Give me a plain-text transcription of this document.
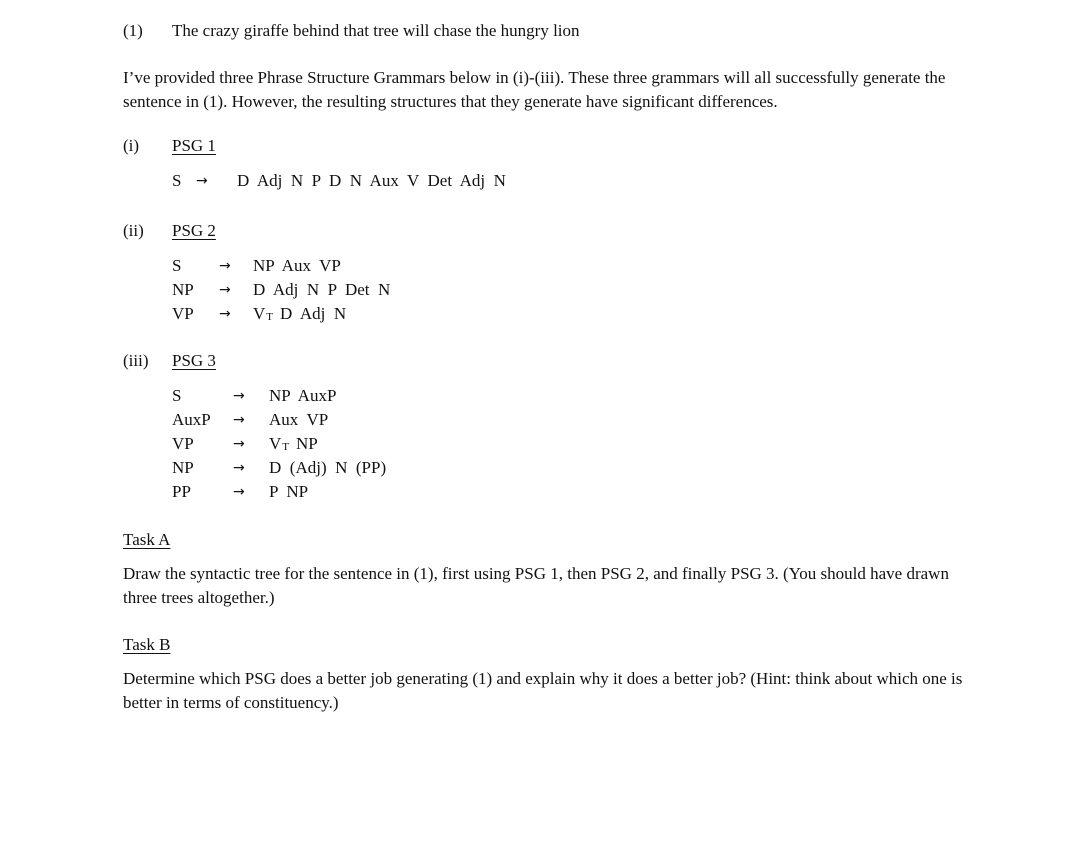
(1) The crazy giraffe behind that tree will chase the hungry lion
I’ve provided three Phrase Structure Grammars below in (i)-(iii). These three grammars will all successfully generate the sentence in (1). However, the resulting structures that they generate have significant differences.
(i) PSG 1
S → D  Adj  N  P  D  N  Aux  V  Det  Adj  N
(ii) PSG 2
S	→ NP  Aux  VP
NP → D  Adj  N  P  Det  N
VP → VT D  Adj  N
(iii) PSG 3
S	→ NP  AuxP
AuxP → Aux  VP
VP	→ VT NP
NP	→ D  (Adj)  N  (PP)
PP	→ P  NP
Task A
Draw the syntactic tree for the sentence in (1), first using PSG 1, then PSG 2, and finally PSG 3. (You should have drawn three trees altogether.)
Task B
Determine which PSG does a better job generating (1) and explain why it does a better job? (Hint: think about which one is better in terms of constituency.)
